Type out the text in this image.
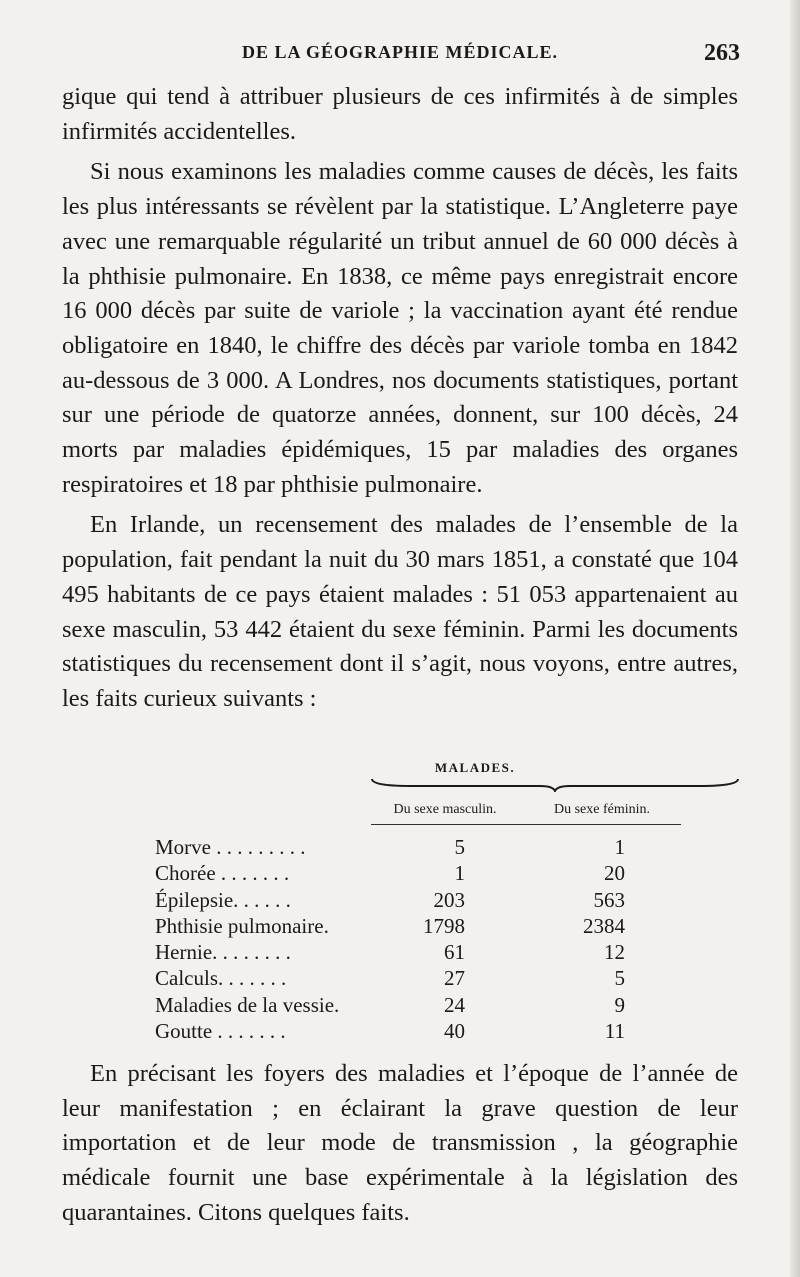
DE LA GÉOGRAPHIE MÉDICALE.	263

gique qui tend à attribuer plusieurs de ces infirmités à de simples infirmités accidentelles.

Si nous examinons les maladies comme causes de décès, les faits les plus intéressants se révèlent par la statistique. L’Angleterre paye avec une remarquable régularité un tribut annuel de 60 000 décès à la phthisie pulmonaire. En 1838, ce même pays enregistrait encore 16 000 décès par suite de variole ; la vaccination ayant été rendue obligatoire en 1840, le chiffre des décès par variole tomba en 1842 au-dessous de 3 000. A Londres, nos documents statistiques, portant sur une période de quatorze années, donnent, sur 100 décès, 24 morts par maladies épidémiques, 15 par maladies des organes respiratoires et 18 par phthisie pulmonaire.

En Irlande, un recensement des malades de l’ensemble de la population, fait pendant la nuit du 30 mars 1851, a constaté que 104 495 habitants de ce pays étaient malades : 51 053 appartenaient au sexe masculin, 53 442 étaient du sexe féminin. Parmi les documents statistiques du recensement dont il s’agit, nous voyons, entre autres, les faits curieux suivants :

MALADES.
Du sexe masculin.	Du sexe féminin.
Morve . . . . . . . . .	5	1
Chorée . . . . . . .	1	20
Épilepsie. . . . . .	203	563
Phthisie pulmonaire.	1798	2384
Hernie. . . . . . . .	61	12
Calculs. . . . . . .	27	5
Maladies de la vessie.	24	9
Goutte . . . . . . .	40	11

En précisant les foyers des maladies et l’époque de l’année de leur manifestation ; en éclairant la grave question de leur importation et de leur mode de transmission , la géographie médicale fournit une base expérimentale à la législation des quarantaines. Citons quelques faits.
